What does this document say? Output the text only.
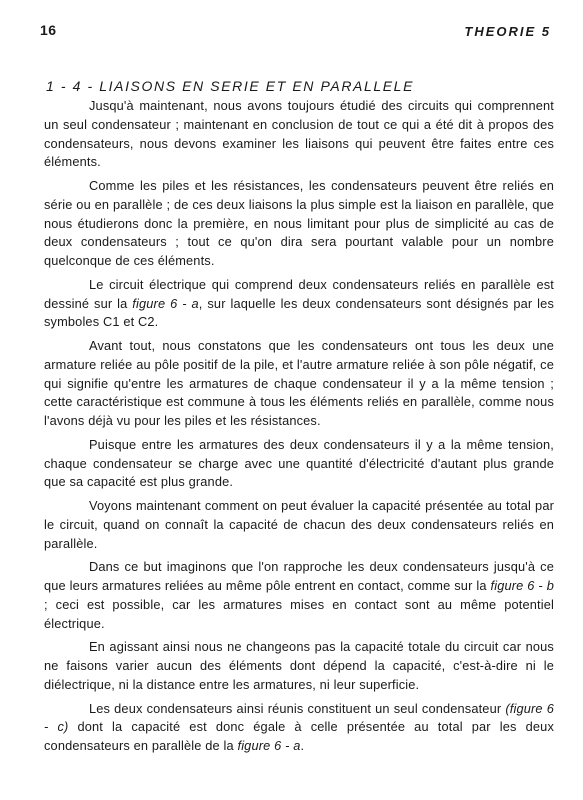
16	THEORIE 5
1 - 4 - LIAISONS EN SERIE ET EN PARALLELE

Jusqu'à maintenant, nous avons toujours étudié des circuits qui comprennent un seul condensateur ; maintenant en conclusion de tout ce qui a été dit à propos des condensateurs, nous devons examiner les liaisons qui peuvent être faites entre ces éléments.

Comme les piles et les résistances, les condensateurs peuvent être reliés en série ou en parallèle ; de ces deux liaisons la plus simple est la liaison en parallèle, que nous étudierons donc la première, en nous limitant pour plus de simplicité au cas de deux condensateurs ; tout ce qu'on dira sera pourtant valable pour un nombre quelconque de ces éléments.

Le circuit électrique qui comprend deux condensateurs reliés en parallèle est dessiné sur la figure 6 - a, sur laquelle les deux condensateurs sont désignés par les symboles C1 et C2.

Avant tout, nous constatons que les condensateurs ont tous les deux une armature reliée au pôle positif de la pile, et l'autre armature reliée à son pôle négatif, ce qui signifie qu'entre les armatures de chaque condensateur il y a la même tension ; cette caractéristique est commune à tous les éléments reliés en parallèle, comme nous l'avons déjà vu pour les piles et les résistances.

Puisque entre les armatures des deux condensateurs il y a la même tension, chaque condensateur se charge avec une quantité d'électricité d'autant plus grande que sa capacité est plus grande.

Voyons maintenant comment on peut évaluer la capacité présentée au total par le circuit, quand on connaît la capacité de chacun des deux condensateurs reliés en parallèle.

Dans ce but imaginons que l'on rapproche les deux condensateurs jusqu'à ce que leurs armatures reliées au même pôle entrent en contact, comme sur la figure 6 - b ; ceci est possible, car les armatures mises en contact sont au même potentiel électrique.

En agissant ainsi nous ne changeons pas la capacité totale du circuit car nous ne faisons varier aucun des éléments dont dépend la capacité, c'est-à-dire ni le diélectrique, ni la distance entre les armatures, ni leur superficie.

Les deux condensateurs ainsi réunis constituent un seul condensateur (figure 6 - c) dont la capacité est donc égale à celle présentée au total par les deux condensateurs en parallèle de la figure 6 - a.
